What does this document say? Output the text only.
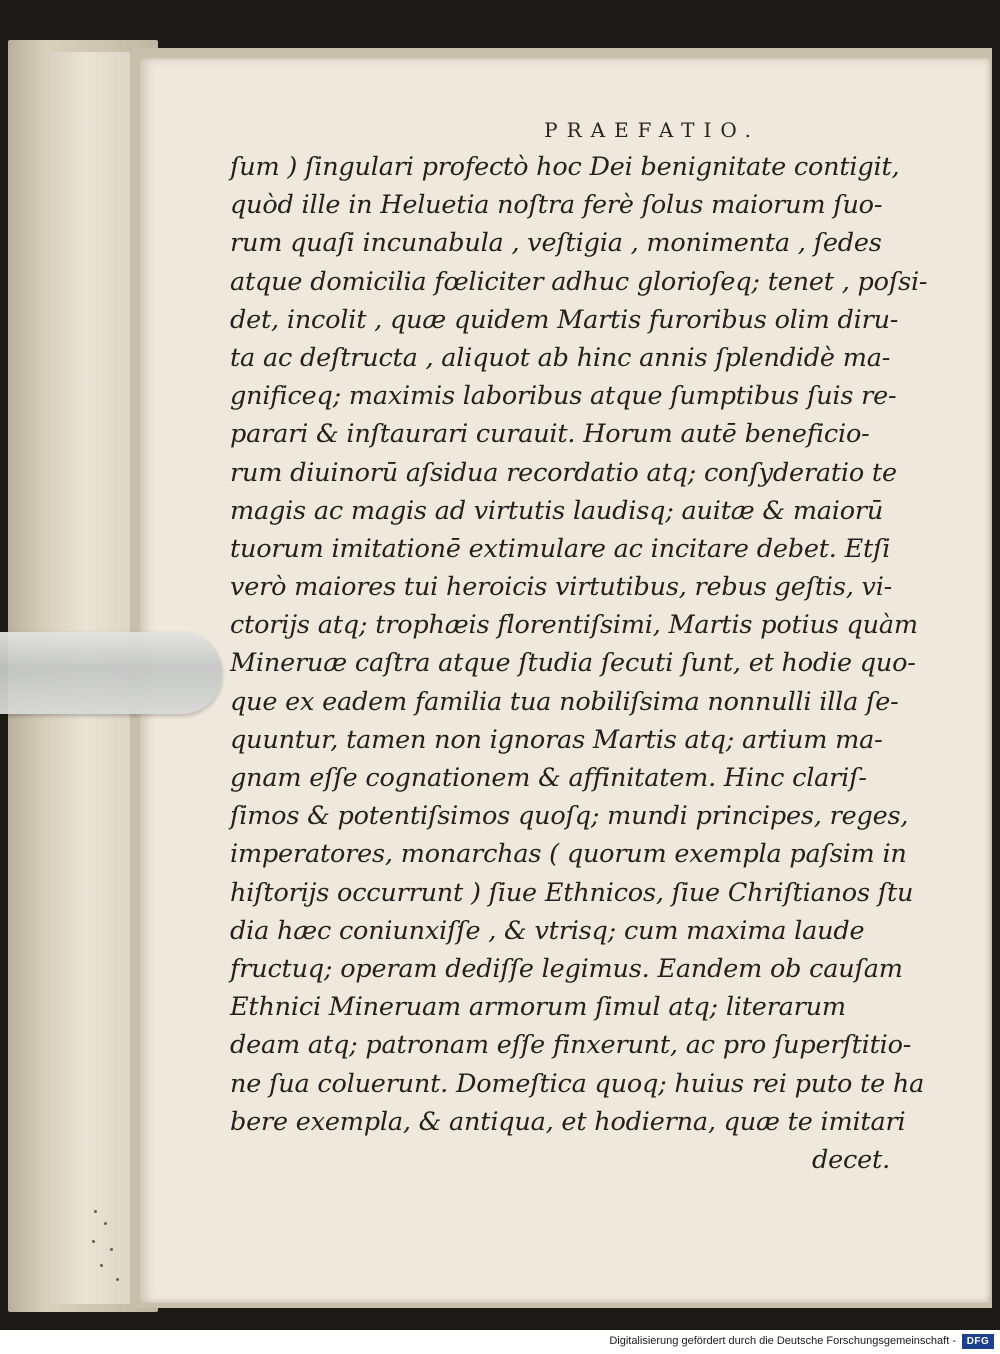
PRAEFATIO.
ſum ) ſingulari profectò hoc Dei benignitate contigit,
quòd ille in Heluetia noſtra ferè ſolus maiorum ſuo-
rum quaſi incunabula , veſtigia , monimenta , ſedes
atque domicilia fœliciter adhuc glorioſeq; tenet , poſsi-
det, incolit , quæ quidem Martis furoribus olim diru-
ta ac deſtructa , aliquot ab hinc annis ſplendidè ma-
gnificeq; maximis laboribus atque ſumptibus ſuis re-
parari & inſtaurari curauit. Horum autē beneficio-
rum diuinorū aſsidua recordatio atq; conſyderatio te
magis ac magis ad virtutis laudisq; auitæ & maiorū
tuorum imitationē extimulare ac incitare debet. Etſi
verò maiores tui heroicis virtutibus, rebus geſtis, vi-
ctorijs atq; trophæis florentiſsimi, Martis potius quàm
Mineruæ caſtra atque ſtudia ſecuti ſunt, et hodie quo-
que ex eadem familia tua nobiliſsima nonnulli illa ſe-
quuntur, tamen non ignoras Martis atq; artium ma-
gnam eſſe cognationem & affinitatem. Hinc clariſ-
ſimos & potentiſsimos quoſq; mundi principes, reges,
imperatores, monarchas ( quorum exempla paſsim in
hiſtorijs occurrunt ) ſiue Ethnicos, ſiue Chriſtianos ſtu
dia hæc coniunxiſſe , & vtrisq; cum maxima laude
fructuq; operam dediſſe legimus. Eandem ob cauſam
Ethnici Mineruam armorum ſimul atq; literarum
deam atq; patronam eſſe finxerunt, ac pro ſuperſtitio-
ne ſua coluerunt. Domeſtica quoq; huius rei puto te ha
bere exempla, & antiqua, et hodierna, quæ te imitari
decet.
Digitalisierung gefördert durch die Deutsche Forschungsgemeinschaft -	DFG
